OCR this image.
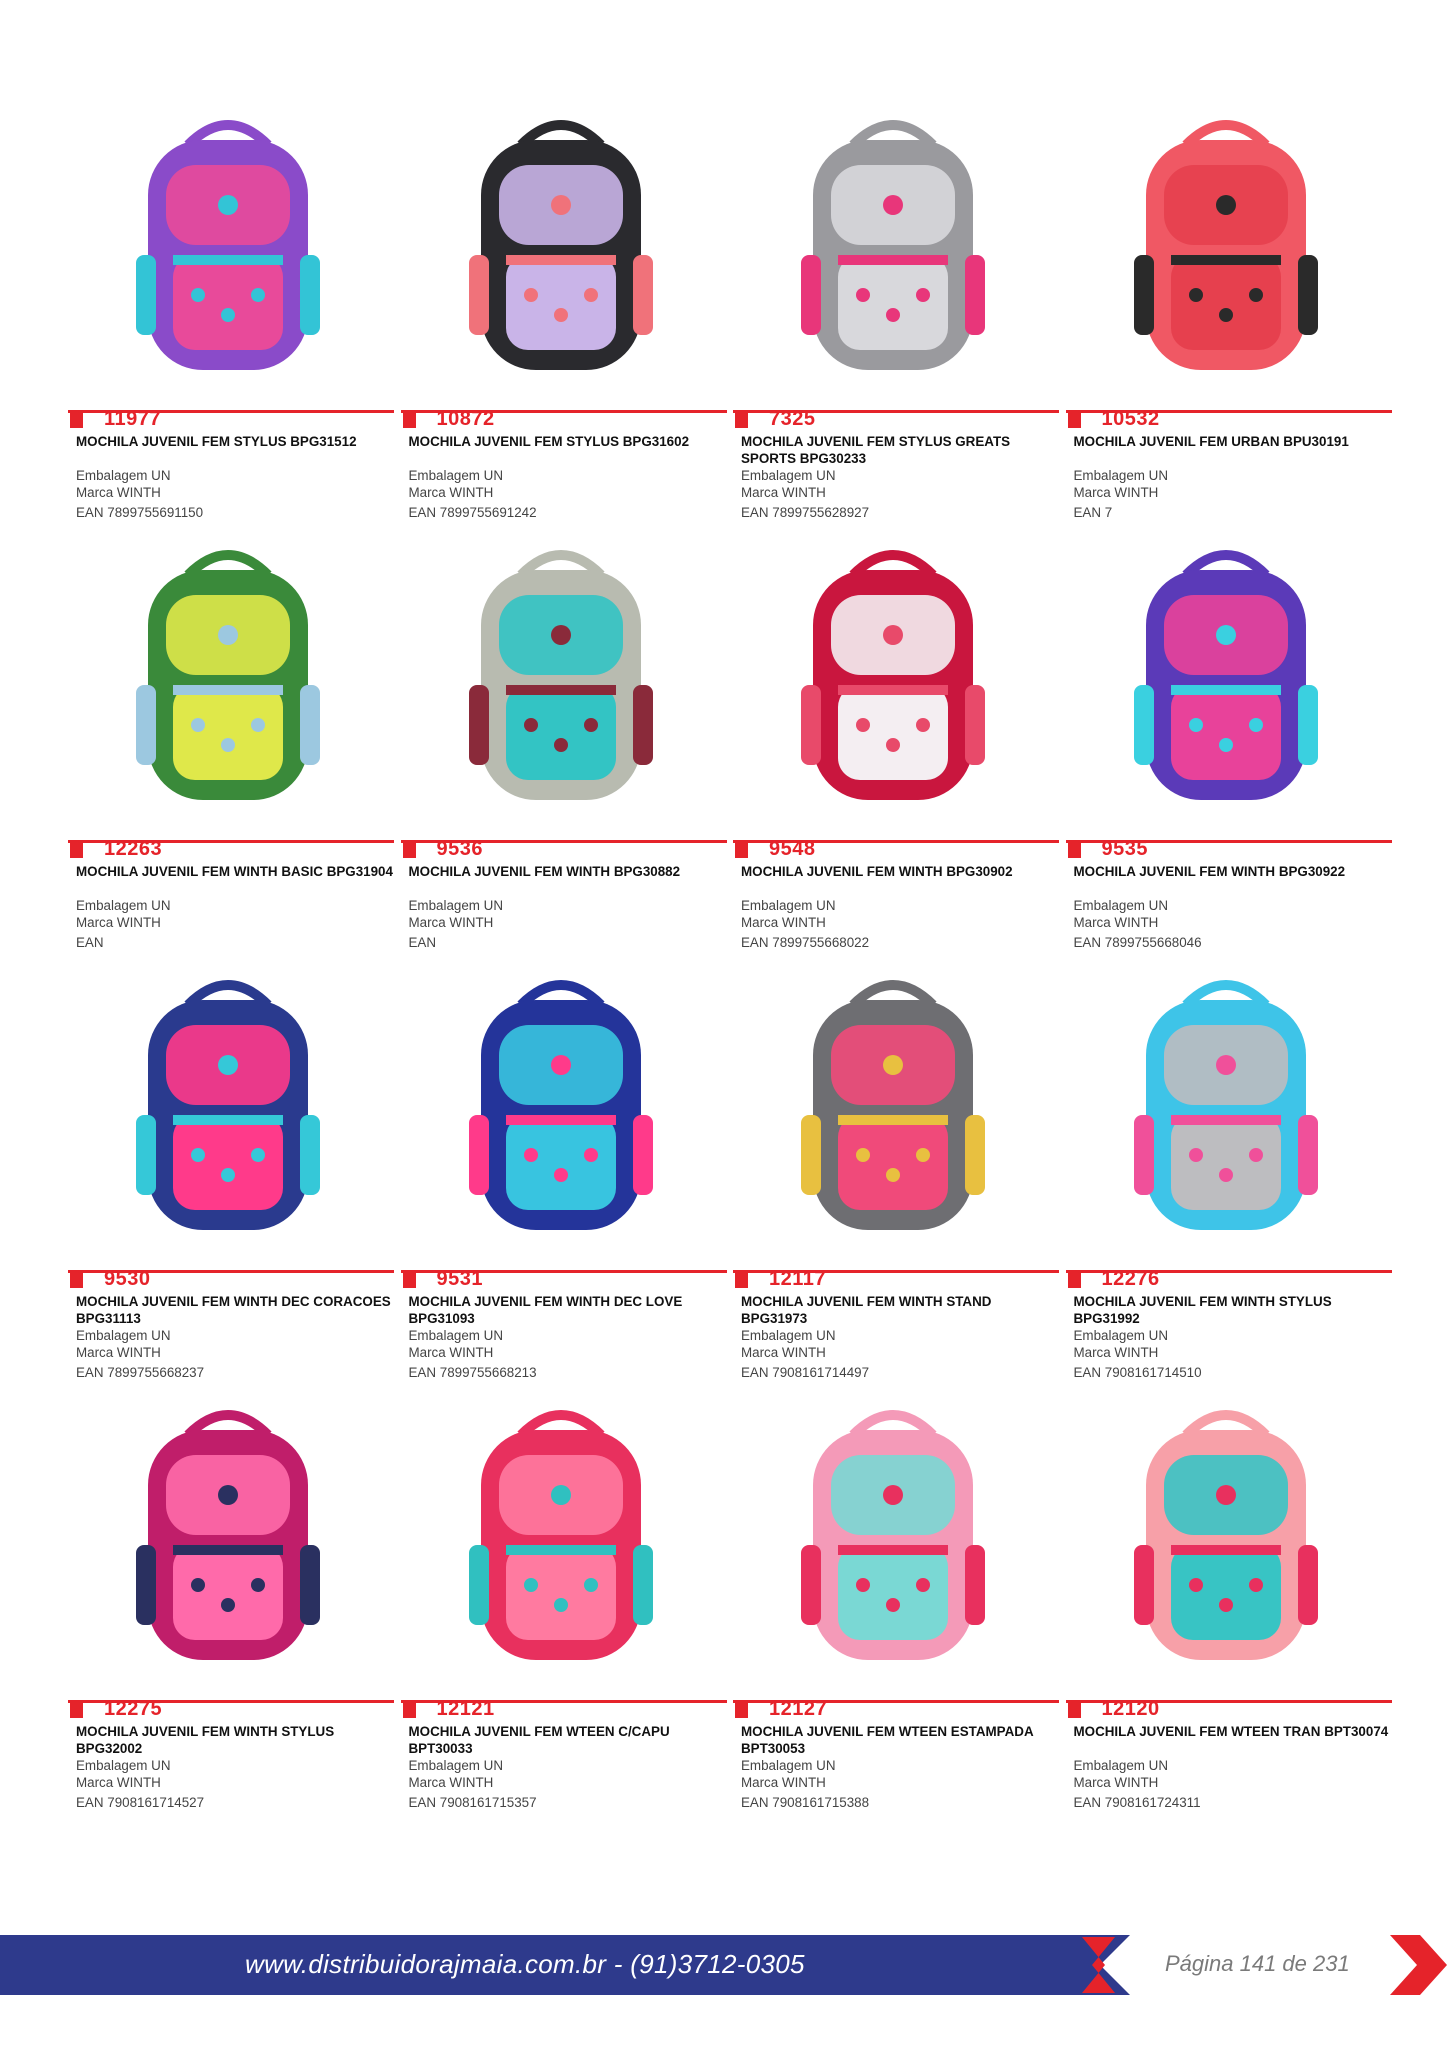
11977
MOCHILA JUVENIL FEM STYLUS BPG31512
Embalagem UN
Marca WINTH
EAN 7899755691150
10872
MOCHILA JUVENIL FEM STYLUS BPG31602
Embalagem UN
Marca WINTH
EAN 7899755691242
7325
MOCHILA JUVENIL FEM STYLUS GREATS SPORTS BPG30233
Embalagem UN
Marca WINTH
EAN 7899755628927
10532
MOCHILA JUVENIL FEM URBAN BPU30191
Embalagem UN
Marca WINTH
EAN 7
12263
MOCHILA JUVENIL FEM WINTH BASIC BPG31904
Embalagem UN
Marca WINTH
EAN
9536
MOCHILA JUVENIL FEM WINTH BPG30882
Embalagem UN
Marca WINTH
EAN
9548
MOCHILA JUVENIL FEM WINTH BPG30902
Embalagem UN
Marca WINTH
EAN 7899755668022
9535
MOCHILA JUVENIL FEM WINTH BPG30922
Embalagem UN
Marca WINTH
EAN 7899755668046
9530
MOCHILA JUVENIL FEM WINTH DEC CORACOES BPG31113
Embalagem UN
Marca WINTH
EAN 7899755668237
9531
MOCHILA JUVENIL FEM WINTH DEC LOVE BPG31093
Embalagem UN
Marca WINTH
EAN 7899755668213
12117
MOCHILA JUVENIL FEM WINTH STAND BPG31973
Embalagem UN
Marca WINTH
EAN 7908161714497
12276
MOCHILA JUVENIL FEM WINTH STYLUS BPG31992
Embalagem UN
Marca WINTH
EAN 7908161714510
12275
MOCHILA JUVENIL FEM WINTH STYLUS BPG32002
Embalagem UN
Marca WINTH
EAN 7908161714527
12121
MOCHILA JUVENIL FEM WTEEN C/CAPU BPT30033
Embalagem UN
Marca WINTH
EAN 7908161715357
12127
MOCHILA JUVENIL FEM WTEEN ESTAMPADA BPT30053
Embalagem UN
Marca WINTH
EAN 7908161715388
12120
MOCHILA JUVENIL FEM WTEEN TRAN BPT30074
Embalagem UN
Marca WINTH
EAN 7908161724311
www.distribuidorajmaia.com.br - (91)3712-0305	Página 141 de 231
